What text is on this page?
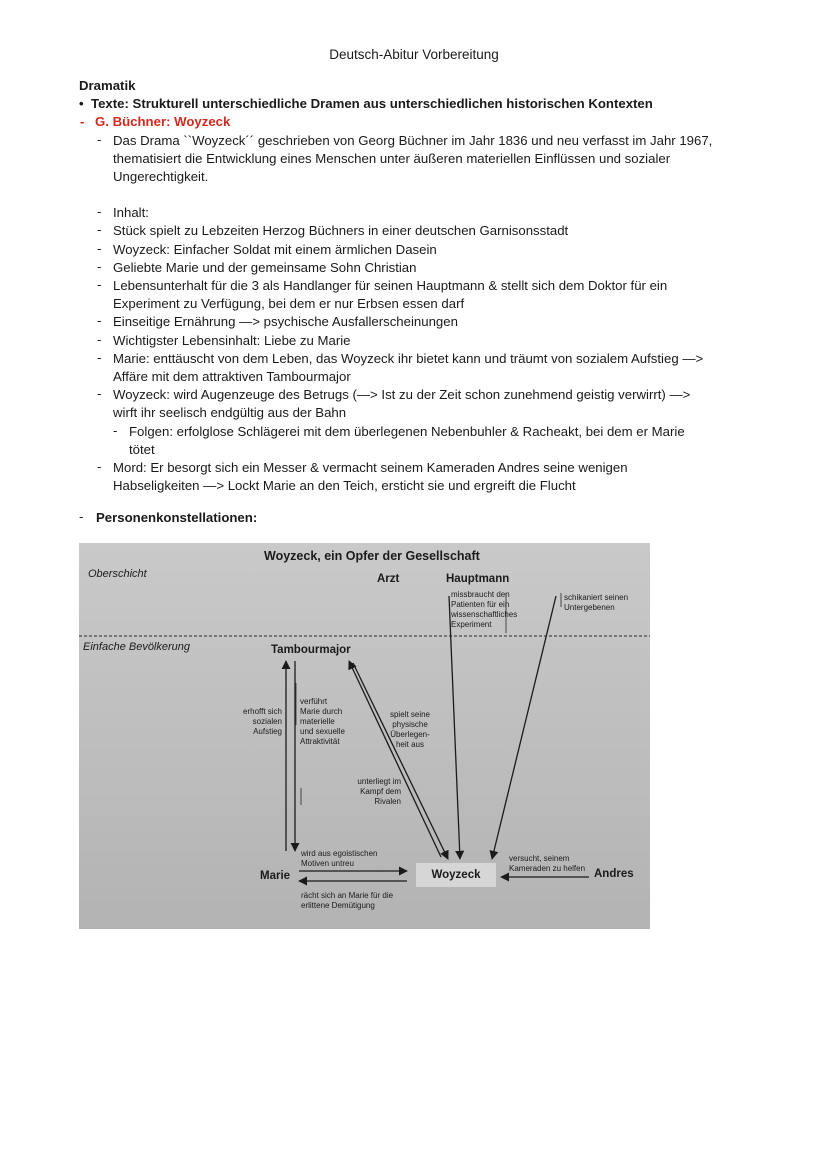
Deutsch-Abitur Vorbereitung
Dramatik
• Texte: Strukturell unterschiedliche Dramen aus unterschiedlichen historischen Kontexten
- G. Büchner: Woyzeck
- Das Drama ``Woyzeck´´ geschrieben von Georg Büchner im Jahr 1836 und neu verfasst im Jahr 1967,
thematisiert die Entwicklung eines Menschen unter äußeren materiellen Einflüssen und sozialer
Ungerechtigkeit.
- Inhalt:
- Stück spielt zu Lebzeiten Herzog Büchners in einer deutschen Garnisonsstadt
- Woyzeck: Einfacher Soldat mit einem ärmlichen Dasein
- Geliebte Marie und der gemeinsame Sohn Christian
- Lebensunterhalt für die 3 als Handlanger für seinen Hauptmann & stellt sich dem Doktor für ein
Experiment zu Verfügung, bei dem er nur Erbsen essen darf
- Einseitige Ernährung —> psychische Ausfallerscheinungen
- Wichtigster Lebensinhalt: Liebe zu Marie
- Marie: enttäuscht von dem Leben, das Woyzeck ihr bietet kann und träumt von sozialem Aufstieg —>
Affäre mit dem attraktiven Tambourmajor
- Woyzeck: wird Augenzeuge des Betrugs (—> Ist zu der Zeit schon zunehmend geistig verwirrt) —>
wirft ihr seelisch endgültig aus der Bahn
- Folgen: erfolglose Schlägerei mit dem überlegenen Nebenbuhler & Racheakt, bei dem er Marie
tötet
- Mord: Er besorgt sich ein Messer & vermacht seinem Kameraden Andres seine wenigen
Habseligkeiten —> Lockt Marie an den Teich, ersticht sie und ergreift die Flucht
- Personenkonstellationen:
Woyzeck, ein Opfer der Gesellschaft
Oberschicht
Einfache Bevölkerung
Arzt	Hauptmann
Tambourmajor
Marie	Woyzeck	Andres
missbraucht den
Patienten für ein
wissenschaftliches
Experiment
schikaniert seinen
Untergebenen
erhofft sich
sozialen
Aufstieg
verführt
Marie durch
materielle
und sexuelle
Attraktivität
spielt seine
physische
Überlegen-
heit aus
unterliegt im
Kampf dem
Rivalen
wird aus egoistischen
Motiven untreu
rächt sich an Marie für die
erlittene Demütigung
versucht, seinem
Kameraden zu helfen
